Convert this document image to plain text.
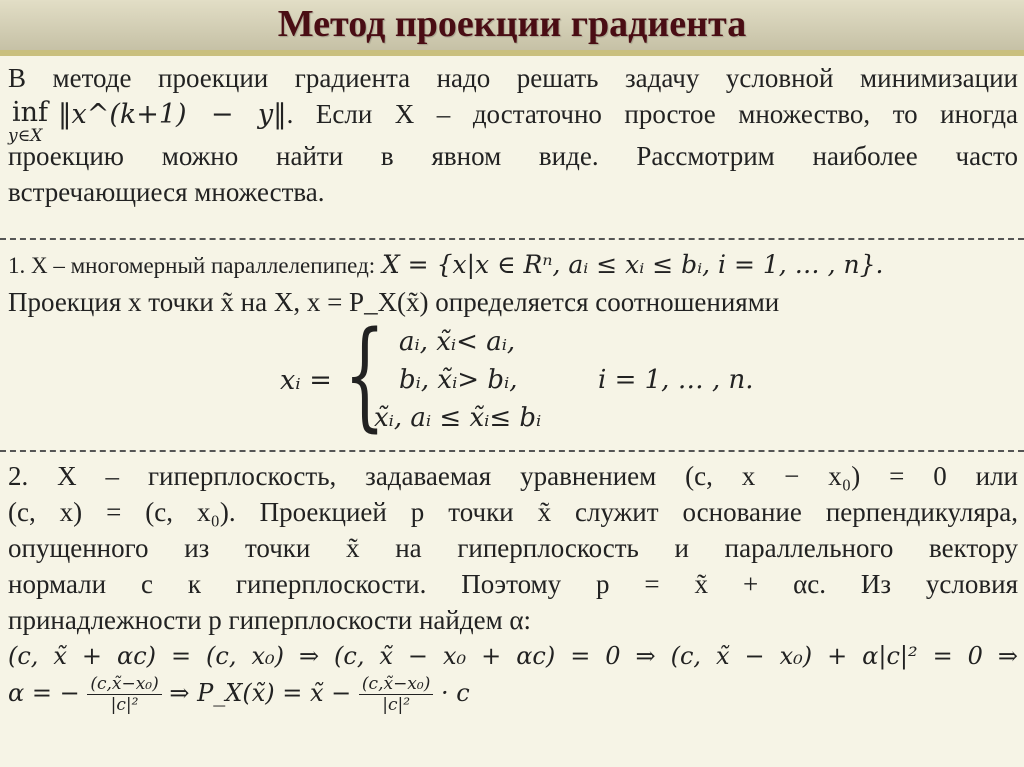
Метод проекции градиента
В методе проекции градиента надо решать задачу условной минимизации
inf
y∈X
‖x^(k+1) − y‖. Если X – достаточно простое множество, то иногда
проекцию можно найти в явном виде. Рассмотрим наиболее часто
встречающиеся множества.
1. X – многомерный параллелепипед: X = {x|x ∈ Rⁿ, aᵢ ≤ xᵢ ≤ bᵢ, i = 1, … , n}.
Проекция x точки x̃ на X, x = P_X(x̃) определяется соотношениями
xᵢ = { aᵢ, x̃ᵢ< aᵢ,
bᵢ, x̃ᵢ> bᵢ,
x̃ᵢ, aᵢ ≤ x̃ᵢ≤ bᵢ
i = 1, … , n.
2. X – гиперплоскость, задаваемая уравнением (c, x − x₀) = 0 или
(c, x) = (c, x₀). Проекцией p точки x̃ служит основание перпендикуляра,
опущенного из точки x̃ на гиперплоскость и параллельного вектору
нормали c к гиперплоскости. Поэтому p = x̃ + αc. Из условия
принадлежности p гиперплоскости найдем α:
(c, x̃ + αc) = (c, x₀) ⇒ (c, x̃ − x₀ + αc) = 0 ⇒ (c, x̃ − x₀) + α|c|² = 0 ⇒
α = − $\frac{\text{(c,x̃−x₀)}}{\text{|c|²}}$ ⇒ P_X(x̃) = x̃ − $\frac{\text{(c,x̃−x₀)}}{\text{|c|²}} \cdot c$
